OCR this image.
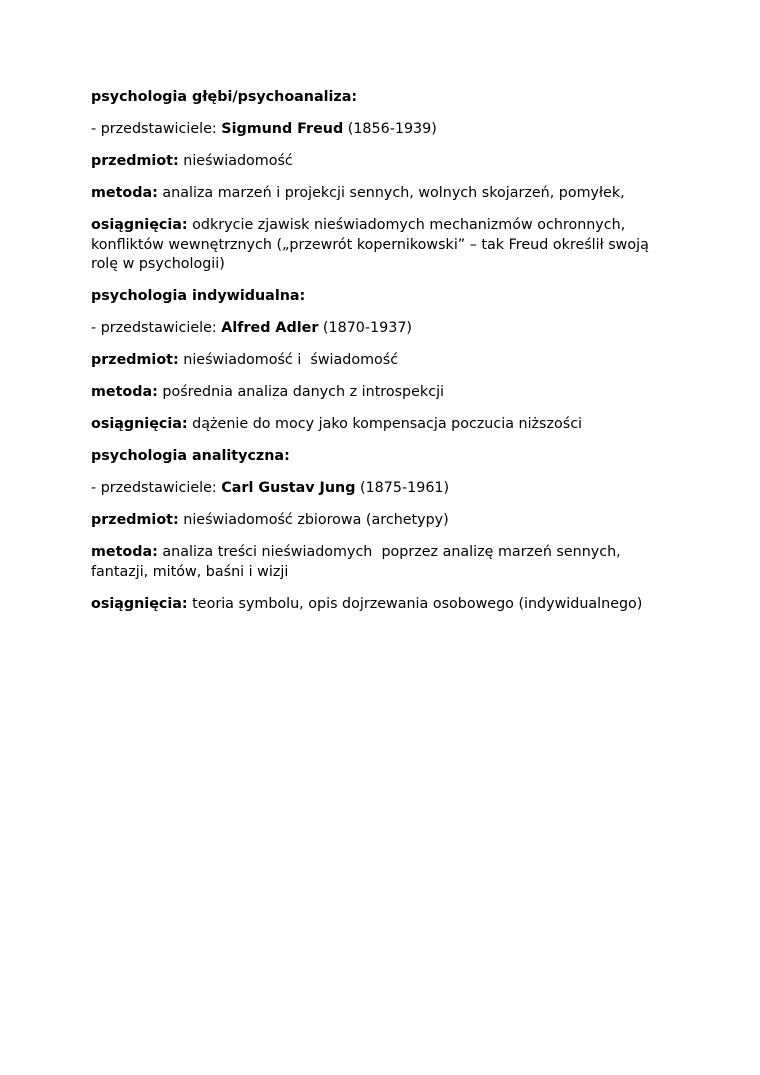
psychologia głębi/psychoanaliza:

- przedstawiciele: Sigmund Freud (1856-1939)

przedmiot: nieświadomość

metoda: analiza marzeń i projekcji sennych, wolnych skojarzeń, pomyłek,

osiągnięcia: odkrycie zjawisk nieświadomych mechanizmów ochronnych,
konfliktów wewnętrznych („przewrót kopernikowski” – tak Freud określił swoją
rolę w psychologii)

psychologia indywidualna:

- przedstawiciele: Alfred Adler (1870-1937)

przedmiot: nieświadomość i  świadomość

metoda: pośrednia analiza danych z introspekcji

osiągnięcia: dążenie do mocy jako kompensacja poczucia niższości

psychologia analityczna:

- przedstawiciele: Carl Gustav Jung (1875-1961)

przedmiot: nieświadomość zbiorowa (archetypy)

metoda: analiza treści nieświadomych  poprzez analizę marzeń sennych,
fantazji, mitów, baśni i wizji

osiągnięcia: teoria symbolu, opis dojrzewania osobowego (indywidualnego)
